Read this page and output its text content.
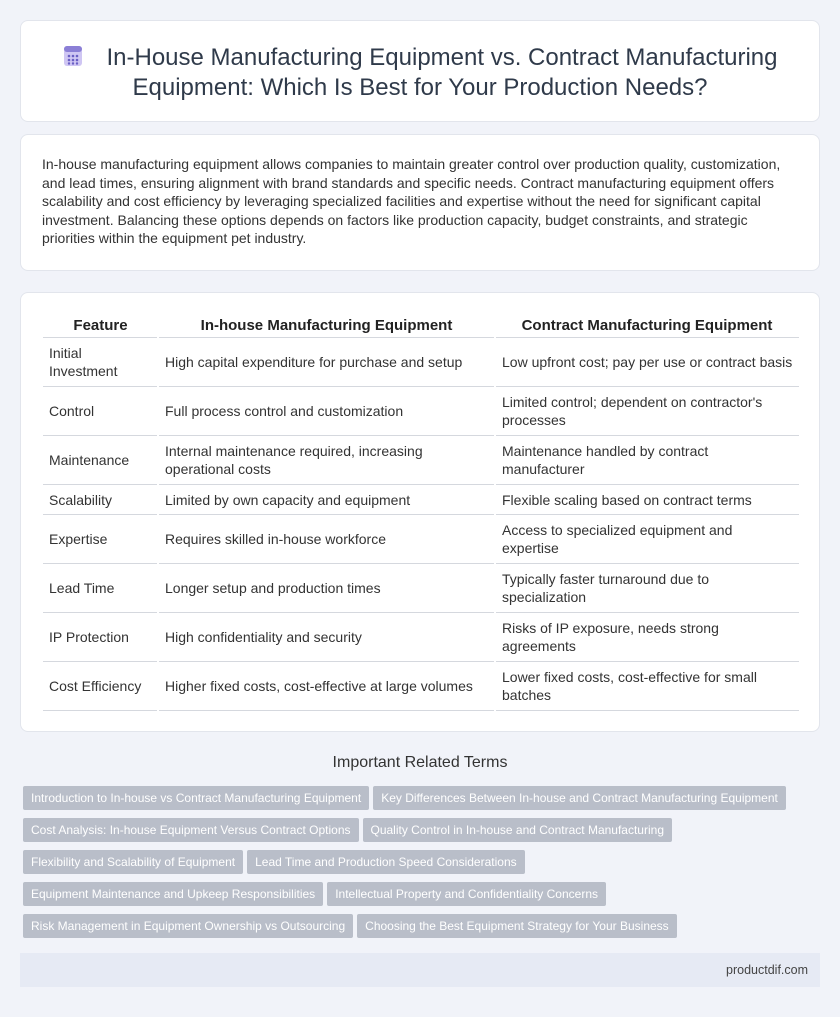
In-House Manufacturing Equipment vs. Contract Manufacturing Equipment: Which Is Best for Your Production Needs?

In-house manufacturing equipment allows companies to maintain greater control over production quality, customization, and lead times, ensuring alignment with brand standards and specific needs. Contract manufacturing equipment offers scalability and cost efficiency by leveraging specialized facilities and expertise without the need for significant capital investment. Balancing these options depends on factors like production capacity, budget constraints, and strategic priorities within the equipment pet industry.

Feature	In-house Manufacturing Equipment	Contract Manufacturing Equipment
Initial Investment	High capital expenditure for purchase and setup	Low upfront cost; pay per use or contract basis
Control	Full process control and customization	Limited control; dependent on contractor's processes
Maintenance	Internal maintenance required, increasing operational costs	Maintenance handled by contract manufacturer
Scalability	Limited by own capacity and equipment	Flexible scaling based on contract terms
Expertise	Requires skilled in-house workforce	Access to specialized equipment and expertise
Lead Time	Longer setup and production times	Typically faster turnaround due to specialization
IP Protection	High confidentiality and security	Risks of IP exposure, needs strong agreements
Cost Efficiency	Higher fixed costs, cost-effective at large volumes	Lower fixed costs, cost-effective for small batches
Important Related Terms
Introduction to In-house vs Contract Manufacturing Equipment Key Differences Between In-house and Contract Manufacturing Equipment
Cost Analysis: In-house Equipment Versus Contract Options Quality Control in In-house and Contract Manufacturing
Flexibility and Scalability of Equipment Lead Time and Production Speed Considerations
Equipment Maintenance and Upkeep Responsibilities Intellectual Property and Confidentiality Concerns
Risk Management in Equipment Ownership vs Outsourcing Choosing the Best Equipment Strategy for Your Business
productdif.com
